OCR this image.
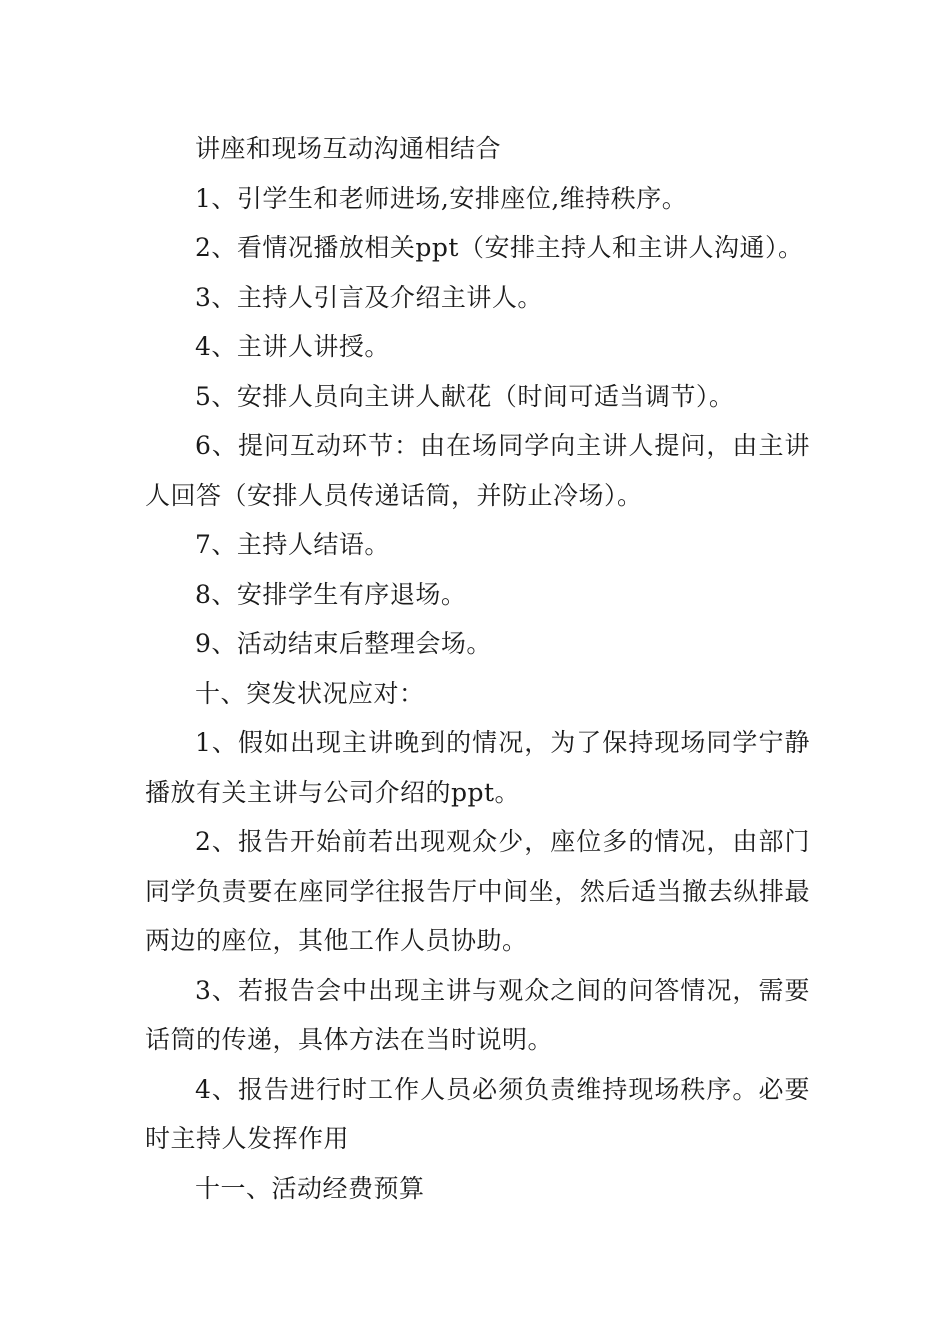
讲座和现场互动沟通相结合

1、引学生和老师进场,安排座位,维持秩序。

2、看情况播放相关ppt（安排主持人和主讲人沟通）。

3、主持人引言及介绍主讲人。

4、主讲人讲授。

5、安排人员向主讲人献花（时间可适当调节）。

6、提问互动环节：由在场同学向主讲人提问，由主讲人回答（安排人员传递话筒，并防止冷场）。

7、主持人结语。

8、安排学生有序退场。

9、活动结束后整理会场。

十、突发状况应对：

1、假如出现主讲晚到的情况，为了保持现场同学宁静播放有关主讲与公司介绍的ppt。

2、报告开始前若出现观众少，座位多的情况，由部门同学负责要在座同学往报告厅中间坐，然后适当撤去纵排最两边的座位，其他工作人员协助。

3、若报告会中出现主讲与观众之间的问答情况，需要话筒的传递，具体方法在当时说明。

4、报告进行时工作人员必须负责维持现场秩序。必要时主持人发挥作用

十一、活动经费预算
